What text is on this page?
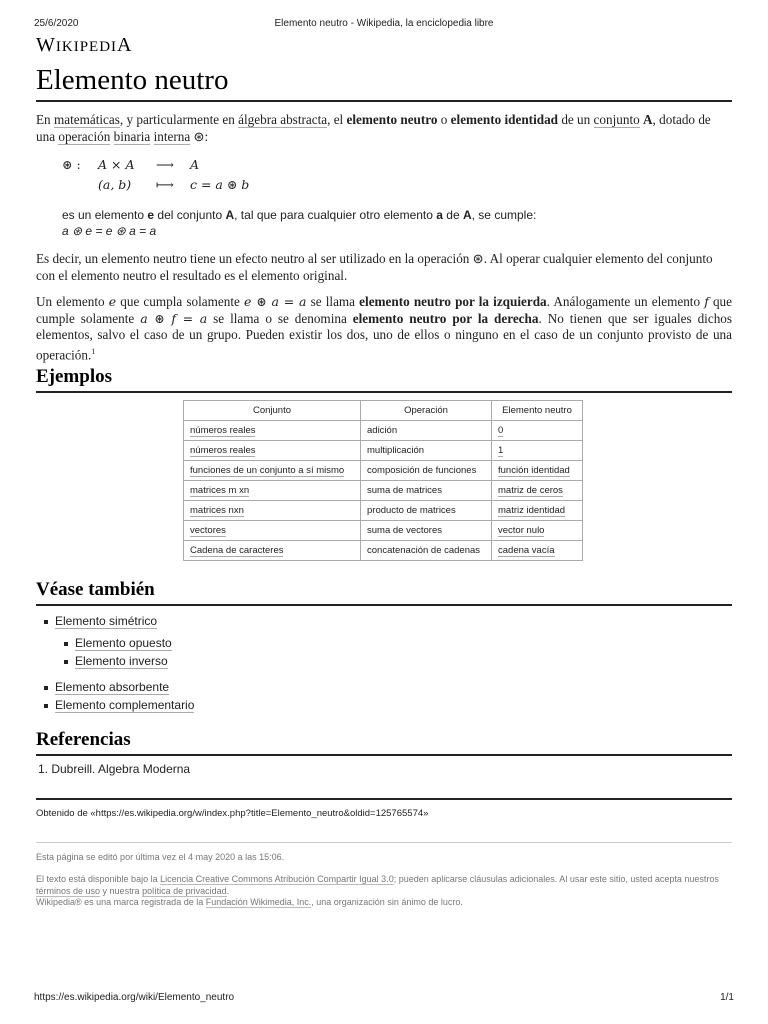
25/6/2020	Elemento neutro - Wikipedia, la enciclopedia libre
WIKIPEDIA
Elemento neutro

En matemáticas, y particularmente en álgebra abstracta, el elemento neutro o elemento identidad de un conjunto A, dotado de una operación binaria interna ⊛:

⊛ :	A × A	⟶	A
(a, b)	⟼	c = a ⊛ b
es un elemento e del conjunto A, tal que para cualquier otro elemento a de A, se cumple:
a ⊛ e = e ⊛ a = a

Es decir, un elemento neutro tiene un efecto neutro al ser utilizado en la operación ⊛. Al operar cualquier elemento del conjunto con el elemento neutro el resultado es el elemento original.

Un elemento e que cumpla solamente e ⊛ a = a se llama elemento neutro por la izquierda. Análogamente un elemento f que cumple solamente a ⊛ f = a se llama o se denomina elemento neutro por la derecha. No tienen que ser iguales dichos elementos, salvo el caso de un grupo. Pueden existir los dos, uno de ellos o ninguno en el caso de un conjunto provisto de una operación.$^1$

Ejemplos
Conjunto	Operación	Elemento neutro
números reales	adición	0
números reales	multiplicación	1
funciones de un conjunto a sí mismo	composición de funciones	función identidad
matrices m xn	suma de matrices	matriz de ceros
matrices nxn	producto de matrices	matriz identidad
vectores	suma de vectores	vector nulo
Cadena de caracteres	concatenación de cadenas	cadena vacía
Véase también
Elemento simétrico
Elemento opuesto
Elemento inverso
Elemento absorbente
Elemento complementario
Referencias
1. Dubreill. Algebra Moderna
Obtenido de «https://es.wikipedia.org/w/index.php?title=Elemento_neutro&oldid=125765574»
Esta página se editó por última vez el 4 may 2020 a las 15:06.
El texto está disponible bajo la Licencia Creative Commons Atribución Compartir Igual 3.0; pueden aplicarse cláusulas adicionales. Al usar este sitio, usted acepta nuestros términos de uso y nuestra política de privacidad.
Wikipedia® es una marca registrada de la Fundación Wikimedia, Inc., una organización sin ánimo de lucro.
https://es.wikipedia.org/wiki/Elemento_neutro	1/1
